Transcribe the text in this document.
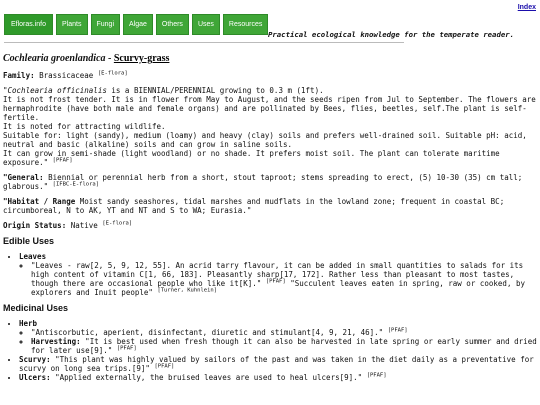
Index
Efloras.info	Plants	Fungi	Algae	Others	Uses	Resources
Practical ecological knowledge for the temperate reader.
Cochlearia groenlandica - Scurvy-grass
Family: Brassicaceae [E-flora]
"Cochlearia officinalis is a BIENNIAL/PERENNIAL growing to 0.3 m (1ft).
It is not frost tender. It is in flower from May to August, and the seeds ripen from Jul to September. The flowers are hermaphrodite (have both male and female organs) and are pollinated by Bees, flies, beetles, self.The plant is self-fertile.
It is noted for attracting wildlife.
Suitable for: light (sandy), medium (loamy) and heavy (clay) soils and prefers well-drained soil. Suitable pH: acid, neutral and basic (alkaline) soils and can grow in saline soils.
It can grow in semi-shade (light woodland) or no shade. It prefers moist soil. The plant can tolerate maritime exposure." [PFAF]
"General: Biennial or perennial herb from a short, stout taproot; stems spreading to erect, (5) 10-30 (35) cm tall; glabrous." [IFBC-E-flora]
"Habitat / Range Moist sandy seashores, tidal marshes and mudflats in the lowland zone; frequent in coastal BC; circumboreal, N to AK, YT and NT and S to WA; Eurasia."
Origin Status: Native [E-flora]
Edible Uses
• Leaves
◦ "Leaves - raw[2, 5, 9, 12, 55]. An acrid tarry flavour, it can be added in small quantities to salads for its high content of vitamin C[1, 66, 183]. Pleasantly sharp[17, 172]. Rather less than pleasant to most tastes, though there are occasional people who like it[K]." [PFAF] "Succulent leaves eaten in spring, raw or cooked, by explorers and Inuit people" [Turner, Kuhnlein]
Medicinal Uses
• Herb
◦ "Antiscorbutic, aperient, disinfectant, diuretic and stimulant[4, 9, 21, 46]." [PFAF]
◦ Harvesting: "It is best used when fresh though it can also be harvested in late spring or early summer and dried for later use[9]." [PFAF]
• Scurvy: "This plant was highly valued by sailors of the past and was taken in the diet daily as a preventative for scurvy on long sea trips.[9]" [PFAF]
• Ulcers: "Applied externally, the bruised leaves are used to heal ulcers[9]." [PFAF]
